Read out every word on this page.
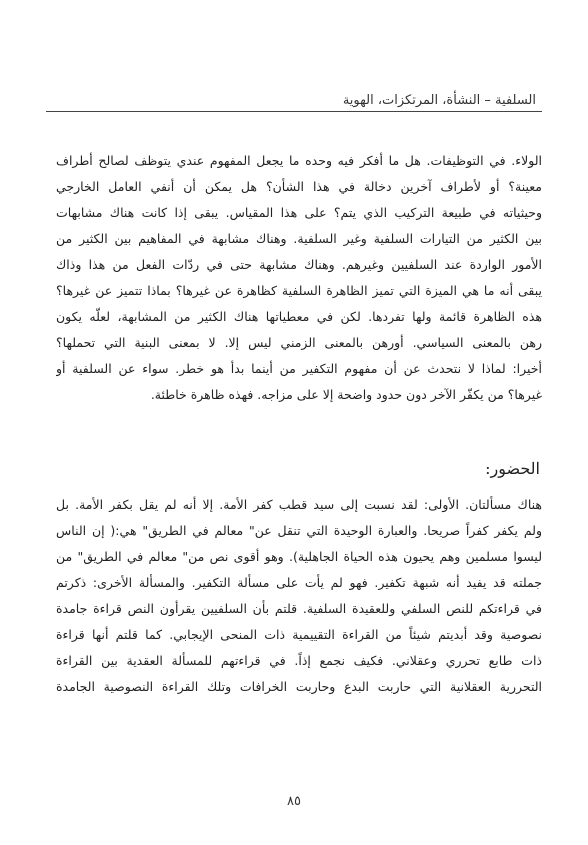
السلفية – النشأة، المرتكزات، الهوية
الولاء. في التوظيفات. هل ما أفكر فيه وحده ما يجعل المفهوم عندي يتوظف لصالح أطراف
معينة؟ أو لأطراف آخرين دخالة في هذا الشأن؟ هل يمكن أن أنفي العامل الخارجي
وحيثياته في طبيعة التركيب الذي يتم؟ على هذا المقياس. يبقى إذا كانت هناك مشابهات
بين الكثير من التيارات السلفية وغير السلفية. وهناك مشابهة في المفاهيم بين الكثير من
الأمور الواردة عند السلفيين وغيرهم. وهناك مشابهة حتى في ردّات الفعل من هذا وذاك
يبقى أنه ما هي الميزة التي تميز الظاهرة السلفية كظاهرة عن غيرها؟ بماذا تتميز عن غيرها؟
هذه الظاهرة قائمة ولها تفردها. لكن في معطياتها هناك الكثير من المشابهة، لعلّه يكون
رهن بالمعنى السياسي. أورهن بالمعنى الزمني ليس إلا. لا بمعنى البنية التي تحملها؟
أخيرا: لماذا لا نتحدث عن أن مفهوم التكفير من أينما بدأ هو خطر. سواء عن السلفية أو
غيرها؟ من يكفّر الآخر دون حدود واضحة إلا على مزاجه. فهذه ظاهرة خاطئة.
الحضور:
هناك مسألتان. الأولى: لقد نسبت إلى سيد قطب كفر الأمة. إلا أنه لم يقل بكفر الأمة. بل
ولم يكفر كفراً صريحا. والعبارة الوحيدة التي تنقل عن" معالم في الطريق" هي:( إن الناس
ليسوا مسلمين وهم يحيون هذه الحياة الجاهلية). وهو أقوى نص من" معالم في الطريق" من
جملته قد يفيد أنه شبهة تكفير. فهو لم يأت على مسألة التكفير. والمسألة الأخرى: ذكرتم
في قراءتكم للنص السلفي وللعقيدة السلفية. قلتم بأن السلفيين يقرأون النص قراءة جامدة
نصوصية وقد أبديتم شيئاً من القراءة التقييمية ذات المنحى الإيجابي. كما قلتم أنها قراءة
ذات طابع تحرري وعقلاني. فكيف نجمع إذاً. في قراءتهم للمسألة العقدية بين القراءة
التحررية العقلانية التي حاربت البدع وحاربت الخرافات وتلك القراءة النصوصية الجامدة
٨٥
